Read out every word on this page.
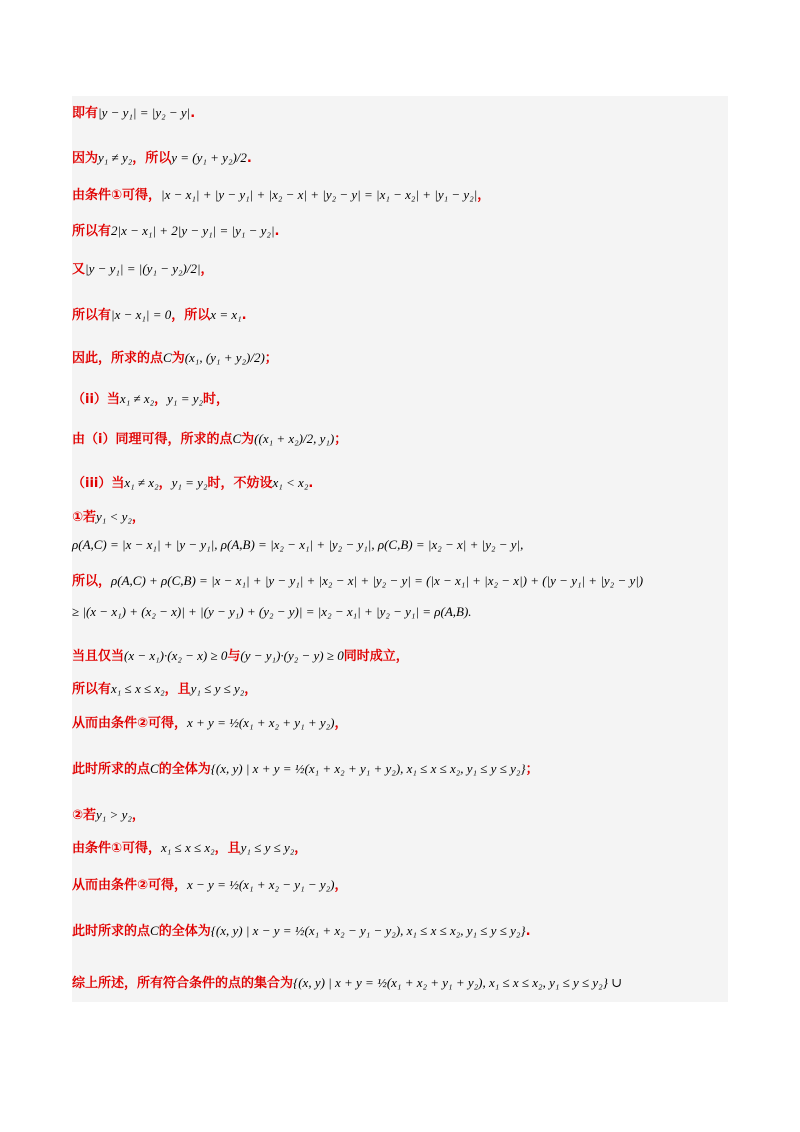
即有|y − y₁| = |y₂ − y|.
因为y₁ ≠ y₂，所以y = (y₁ + y₂)/2.
由条件①可得，|x − x₁| + |y − y₁| + |x₂ − x| + |y₂ − y| = |x₁ − x₂| + |y₁ − y₂|，
所以有2|x − x₁| + 2|y − y₁| = |y₁ − y₂|.
又|y − y₁| = |(y₁ − y₂)/2|，
所以有|x − x₁| = 0，所以x = x₁.
因此，所求的点C为(x₁, (y₁ + y₂)/2)；
（ii）当x₁ ≠ x₂，y₁ = y₂时，
由（i）同理可得，所求的点C为((x₁ + x₂)/2, y₁)；
（iii）当x₁ ≠ x₂，y₁ = y₂时，不妨设x₁ < x₂.
①若y₁ < y₂，
ρ(A,C) = |x − x₁| + |y − y₁|, ρ(A,B) = |x₂ − x₁| + |y₂ − y₁|, ρ(C,B) = |x₂ − x| + |y₂ − y|,
所以，ρ(A,C) + ρ(C,B) = |x − x₁| + |y − y₁| + |x₂ − x| + |y₂ − y| = (|x − x₁| + |x₂ − x|) + (|y − y₁| + |y₂ − y|)
≥ |(x − x₁) + (x₂ − x)| + |(y − y₁) + (y₂ − y)| = |x₂ − x₁| + |y₂ − y₁| = ρ(A,B).
当且仅当(x − x₁)·(x₂ − x) ≥ 0与(y − y₁)·(y₂ − y) ≥ 0同时成立，
所以有x₁ ≤ x ≤ x₂，且y₁ ≤ y ≤ y₂，
从而由条件②可得，x + y = ½(x₁ + x₂ + y₁ + y₂)，
此时所求的点C的全体为{(x, y) | x + y = ½(x₁ + x₂ + y₁ + y₂), x₁ ≤ x ≤ x₂, y₁ ≤ y ≤ y₂}；
②若y₁ > y₂，
由条件①可得，x₁ ≤ x ≤ x₂，且y₁ ≤ y ≤ y₂，
从而由条件②可得，x − y = ½(x₁ + x₂ − y₁ − y₂)，
此时所求的点C的全体为{(x, y) | x − y = ½(x₁ + x₂ − y₁ − y₂), x₁ ≤ x ≤ x₂, y₁ ≤ y ≤ y₂}.
综上所述，所有符合条件的点的集合为{(x, y) | x + y = ½(x₁ + x₂ + y₁ + y₂), x₁ ≤ x ≤ x₂, y₁ ≤ y ≤ y₂} ∪
